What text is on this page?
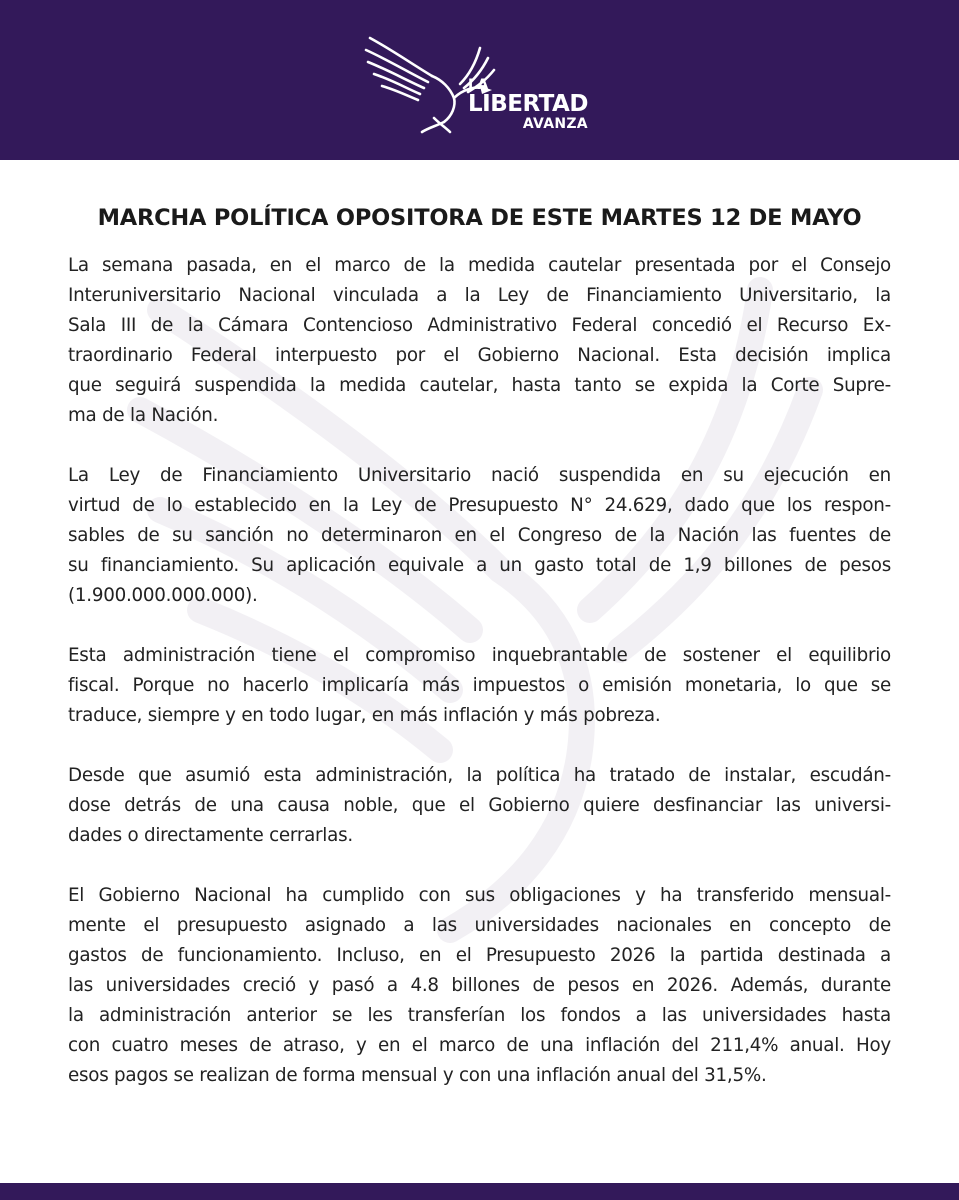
LA
LIBERTAD
AVANZA
MARCHA POLÍTICA OPOSITORA DE ESTE MARTES 12 DE MAYO

La semana pasada, en el marco de la medida cautelar presentada por el Consejo
Interuniversitario Nacional vinculada a la Ley de Financiamiento Universitario, la
Sala III de la Cámara Contencioso Administrativo Federal concedió el Recurso Ex-
traordinario Federal interpuesto por el Gobierno Nacional. Esta decisión implica
que seguirá suspendida la medida cautelar, hasta tanto se expida la Corte Supre-
ma de la Nación.

La Ley de Financiamiento Universitario nació suspendida en su ejecución en
virtud de lo establecido en la Ley de Presupuesto N° 24.629, dado que los respon-
sables de su sanción no determinaron en el Congreso de la Nación las fuentes de
su financiamiento. Su aplicación equivale a un gasto total de 1,9 billones de pesos
(1.900.000.000.000).

Esta administración tiene el compromiso inquebrantable de sostener el equilibrio
fiscal. Porque no hacerlo implicaría más impuestos o emisión monetaria, lo que se
traduce, siempre y en todo lugar, en más inflación y más pobreza.

Desde que asumió esta administración, la política ha tratado de instalar, escudán-
dose detrás de una causa noble, que el Gobierno quiere desfinanciar las universi-
dades o directamente cerrarlas.

El Gobierno Nacional ha cumplido con sus obligaciones y ha transferido mensual-
mente el presupuesto asignado a las universidades nacionales en concepto de
gastos de funcionamiento. Incluso, en el Presupuesto 2026 la partida destinada a
las universidades creció y pasó a 4.8 billones de pesos en 2026. Además, durante
la administración anterior se les transferían los fondos a las universidades hasta
con cuatro meses de atraso, y en el marco de una inflación del 211,4% anual. Hoy
esos pagos se realizan de forma mensual y con una inflación anual del 31,5%.
